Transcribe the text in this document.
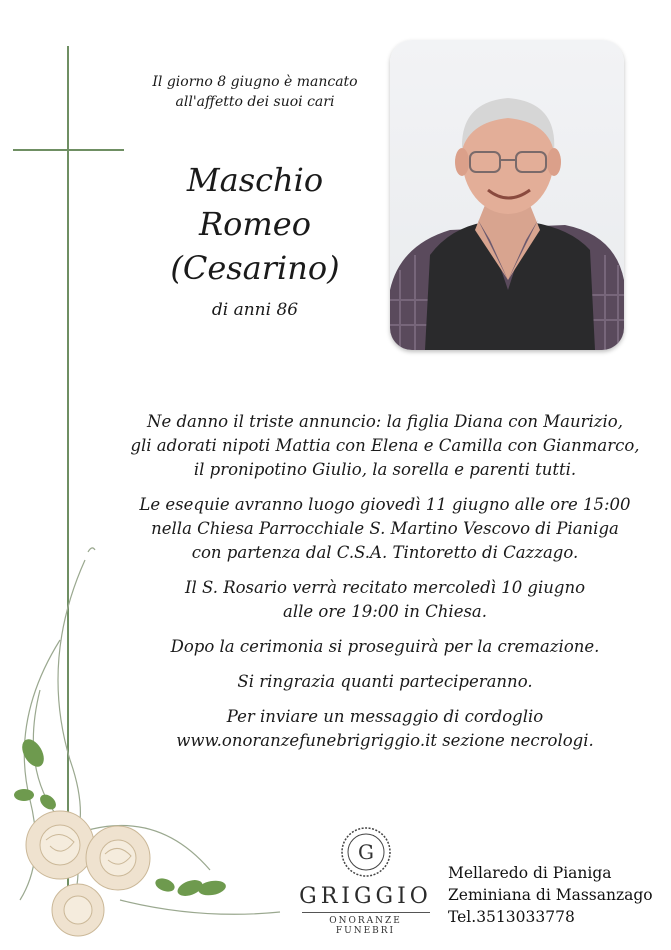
Il giorno 8 giugno è mancato
all'affetto dei suoi cari
Maschio
Romeo
(Cesarino)
di anni 86

Ne danno il triste annuncio: la figlia Diana con Maurizio,
gli adorati nipoti Mattia con Elena e Camilla con Gianmarco,
il pronipotino Giulio, la sorella e parenti tutti.

Le esequie avranno luogo giovedì 11 giugno alle ore 15:00
nella Chiesa Parrocchiale S. Martino Vescovo di Pianiga
con partenza dal C.S.A. Tintoretto di Cazzago.

Il S. Rosario verrà recitato mercoledì 10 giugno
alle ore 19:00 in Chiesa.

Dopo la cerimonia si proseguirà per la cremazione.

Si ringrazia quanti parteciperanno.

Per inviare un messaggio di cordoglio
www.onoranzefunebrigriggio.it sezione necrologi.

G
GRIGGIO
ONORANZE FUNEBRI
Mellaredo di Pianiga
Zeminiana di Massanzago
Tel.3513033778
